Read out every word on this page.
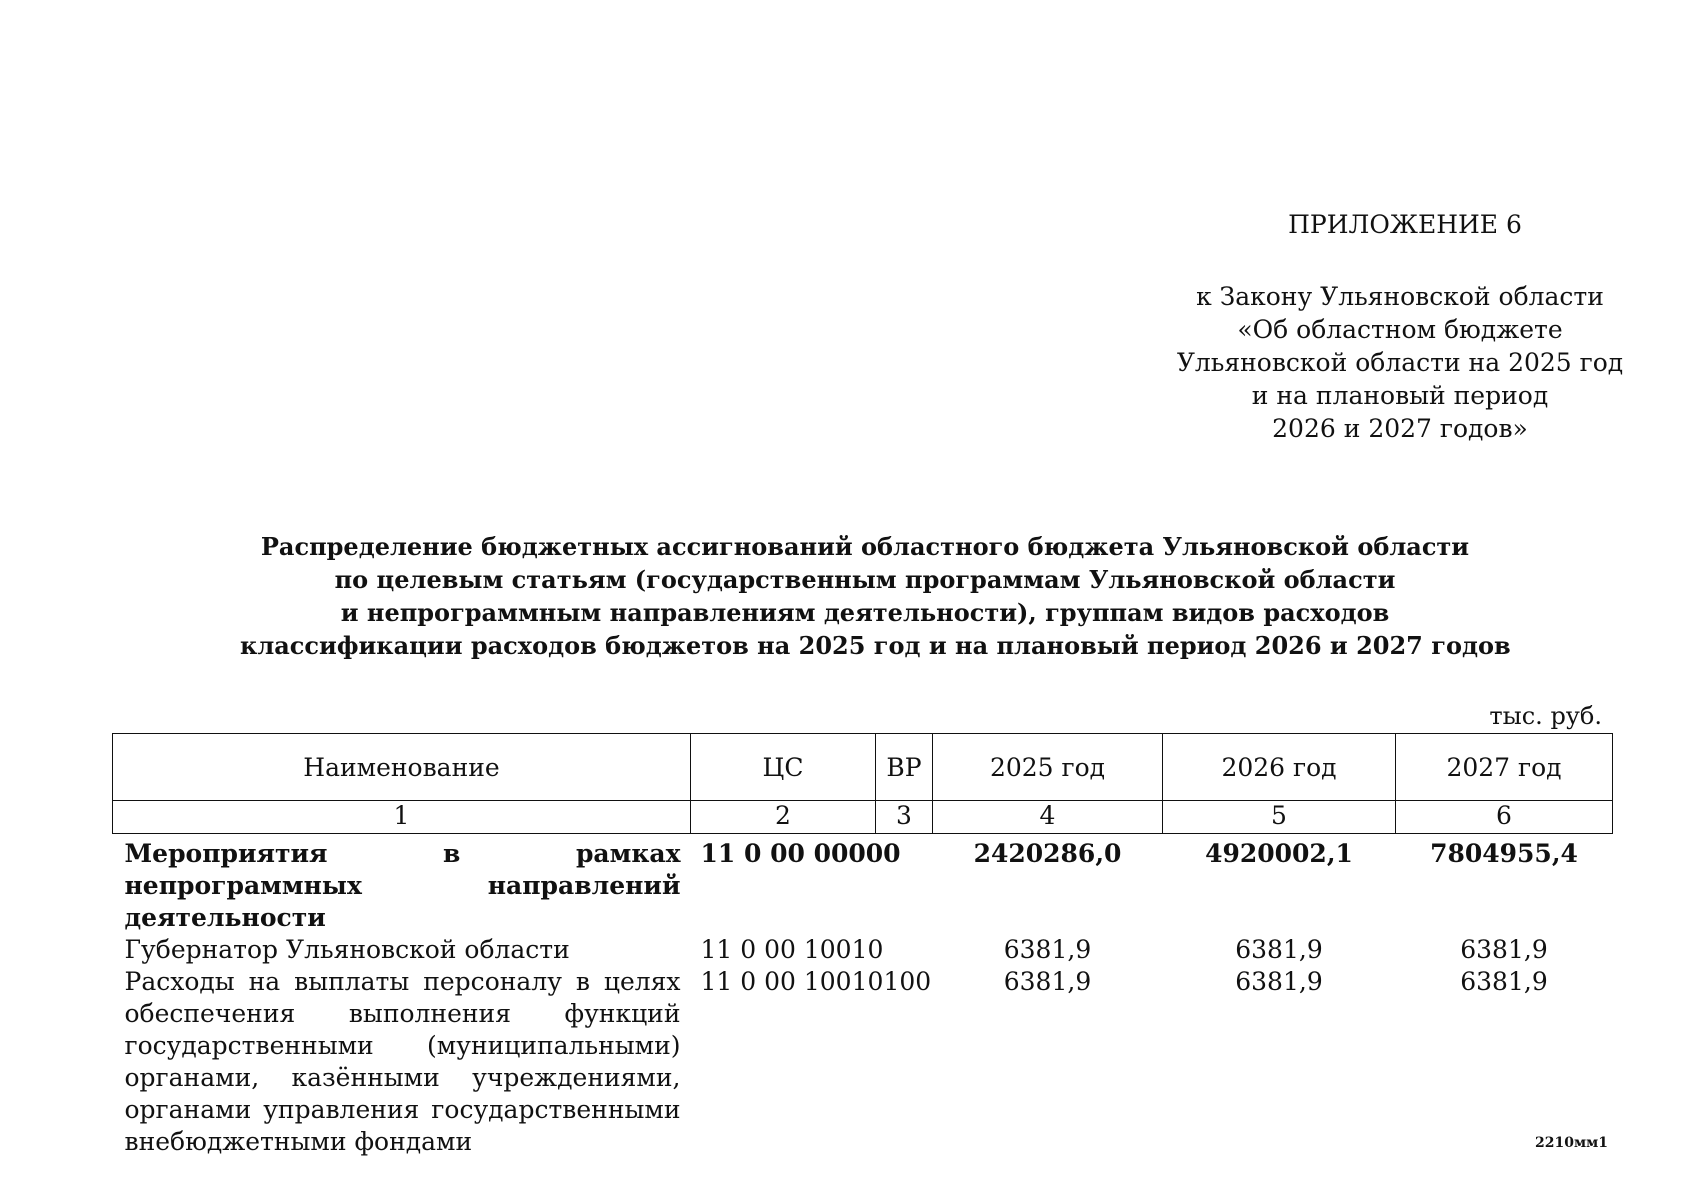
ПРИЛОЖЕНИЕ 6
к Закону Ульяновской области
«Об областном бюджете
Ульяновской области на 2025 год
и на плановый период
2026 и 2027 годов»
Распределение бюджетных ассигнований областного бюджета Ульяновской области
по целевым статьям (государственным программам Ульяновской области
и непрограммным направлениям деятельности), группам видов расходов
классификации расходов бюджетов на 2025 год и на плановый период 2026 и 2027 годов
тыс. руб.
Наименование	ЦС	ВР	2025 год	2026 год	2027 год
1	2	3	4	5	6
Мероприятия в рамках непрограммных направлений деятельности	11 0 00 00000		2420286,0	4920002,1	7804955,4
Губернатор Ульяновской области	11 0 00 10010		6381,9	6381,9	6381,9
Расходы на выплаты персоналу в целях обеспечения выполнения функций государственными (муниципальными) органами, казёнными учреждениями, органами управления государственными внебюджетными фондами	11 0 00 10010	100	6381,9	6381,9	6381,9
2210мм1
